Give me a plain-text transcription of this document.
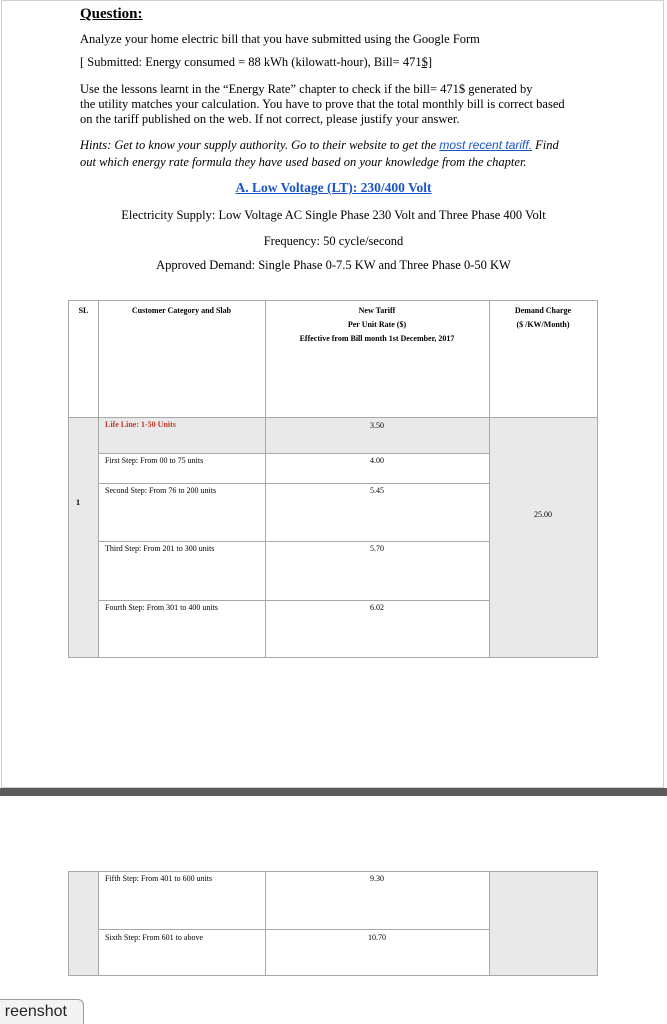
Question:
Analyze your home electric bill that you have submitted using the Google Form
[ Submitted: Energy consumed = 88 kWh (kilowatt-hour), Bill= 471$]
Use the lessons learnt in the “Energy Rate” chapter to check if the bill= 471$ generated by
the utility matches your calculation. You have to prove that the total monthly bill is correct based
on the tariff published on the web. If not correct, please justify your answer.
Hints: Get to know your supply authority. Go to their website to get the most recent tariff. Find
out which energy rate formula they have used based on your knowledge from the chapter.
A. Low Voltage (LT): 230/400 Volt
Electricity Supply: Low Voltage AC Single Phase 230 Volt and Three Phase 400 Volt
Frequency: 50 cycle/second
Approved Demand: Single Phase 0-7.5 KW and Three Phase 0-50 KW
SL	Customer Category and Slab	New Tariff
Per Unit Rate ($)
Effective from Bill month 1st December, 2017
Demand Charge
($ /KW/Month)
1
Life Line: 1-50 Units	3.50
First Step: From 00 to 75 units	4.00
Second Step: From 76 to 200 units	5.45
Third Step: From 201 to 300 units	5.70
Fourth Step: From 301 to 400 units	6.02
25.00
Fifth Step: From 401 to 600 units	9.30
Sixth Step: From 601 to above	10.70
reenshot
